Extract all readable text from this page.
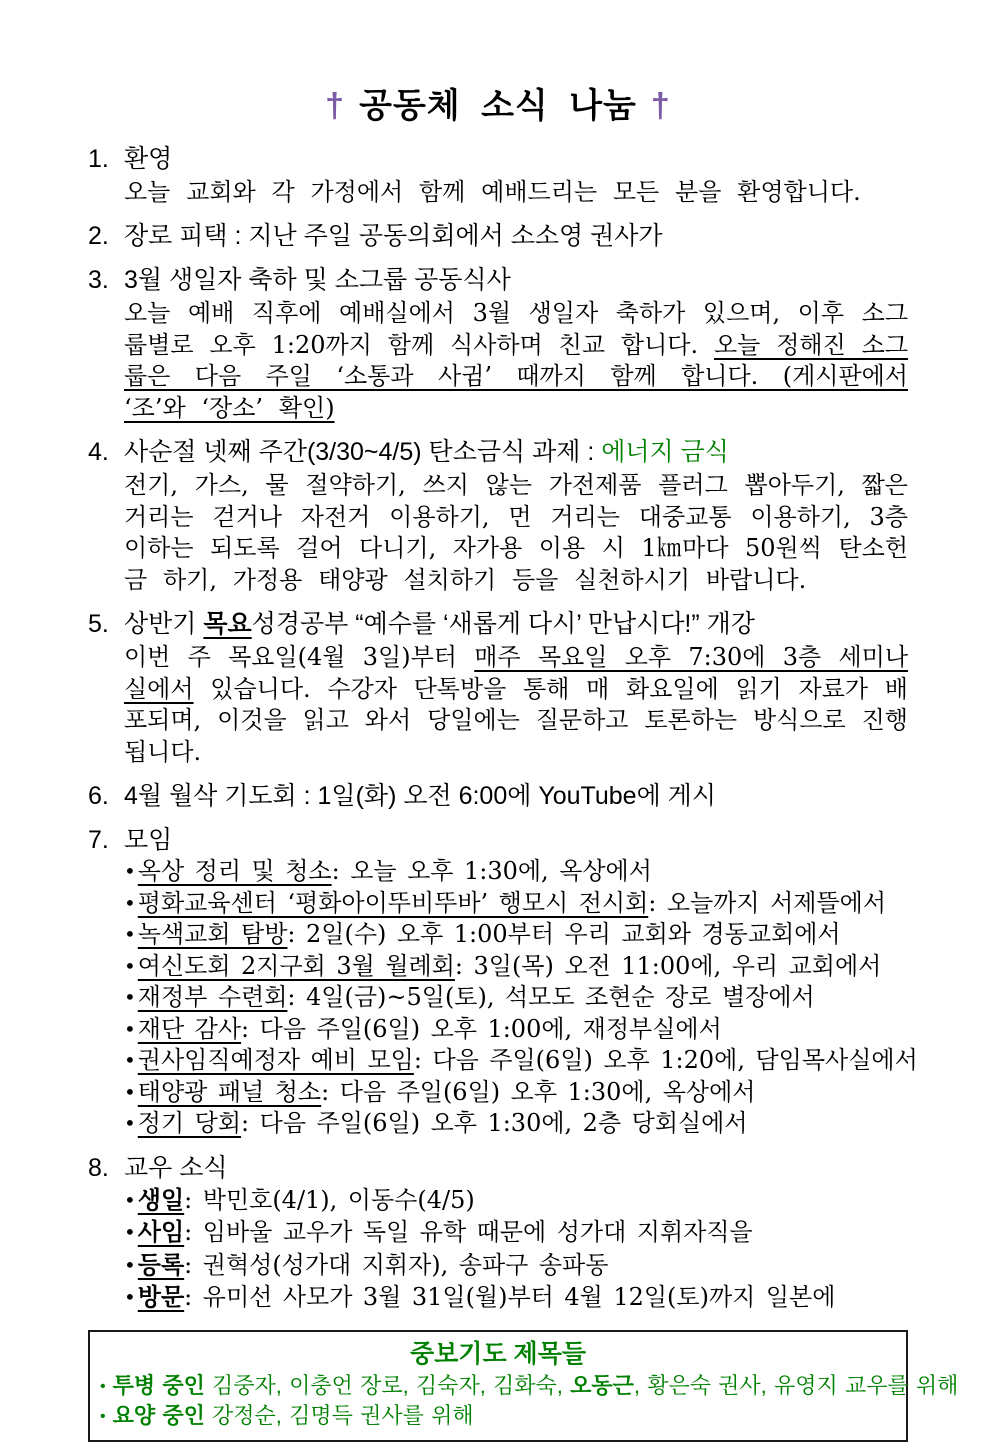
† 공동체 소식 나눔 †
1. 환영
오늘 교회와 각 가정에서 함께 예배드리는 모든 분을 환영합니다.
2. 장로 피택 : 지난 주일 공동의회에서 소소영 권사가
3. 3월 생일자 축하 및 소그룹 공동식사
오늘 예배 직후에 예배실에서 3월 생일자 축하가 있으며, 이후 소그룹별로 오후 1:20까지 함께 식사하며 친교 합니다. 오늘 정해진 소그룹은 다음 주일 ‘소통과 사귐’ 때까지 함께 합니다. (게시판에서 ‘조’와 ‘장소’ 확인)
4. 사순절 넷째 주간(3/30~4/5) 탄소금식 과제 : 에너지 금식
전기, 가스, 물 절약하기, 쓰지 않는 가전제품 플러그 뽑아두기, 짧은 거리는 걷거나 자전거 이용하기, 먼 거리는 대중교통 이용하기, 3층 이하는 되도록 걸어 다니기, 자가용 이용 시 1㎞마다 50원씩 탄소헌금 하기, 가정용 태양광 설치하기 등을 실천하시기 바랍니다.
5. 상반기 목요성경공부 “예수를 ‘새롭게 다시’ 만납시다!” 개강
이번 주 목요일(4월 3일)부터 매주 목요일 오후 7:30에 3층 세미나실에서 있습니다. 수강자 단톡방을 통해 매 화요일에 읽기 자료가 배포되며, 이것을 읽고 와서 당일에는 질문하고 토론하는 방식으로 진행됩니다.
6. 4월 월삭 기도회 : 1일(화) 오전 6:00에 YouTube에 게시
7. 모임
•옥상 정리 및 청소: 오늘 오후 1:30에, 옥상에서
•평화교육센터 ‘평화아이뚜비뚜바’ 행모시 전시회: 오늘까지 서제뜰에서
•녹색교회 탐방: 2일(수) 오후 1:00부터 우리 교회와 경동교회에서
•여신도회 2지구회 3월 월례회: 3일(목) 오전 11:00에, 우리 교회에서
•재정부 수련회: 4일(금)~5일(토), 석모도 조현순 장로 별장에서
•재단 감사: 다음 주일(6일) 오후 1:00에, 재정부실에서
•권사임직예정자 예비 모임: 다음 주일(6일) 오후 1:20에, 담임목사실에서
•태양광 패널 청소: 다음 주일(6일) 오후 1:30에, 옥상에서
•정기 당회: 다음 주일(6일) 오후 1:30에, 2층 당회실에서
8. 교우 소식
•생일: 박민호(4/1), 이동수(4/5)
•사임: 임바울 교우가 독일 유학 때문에 성가대 지휘자직을
•등록: 권혁성(성가대 지휘자), 송파구 송파동
•방문: 유미선 사모가 3월 31일(월)부터 4월 12일(토)까지 일본에
중보기도 제목들
• 투병 중인 김중자, 이충언 장로, 김숙자, 김화숙, 오동근, 황은숙 권사, 유영지 교우를 위해
• 요양 중인 강정순, 김명득 권사를 위해
